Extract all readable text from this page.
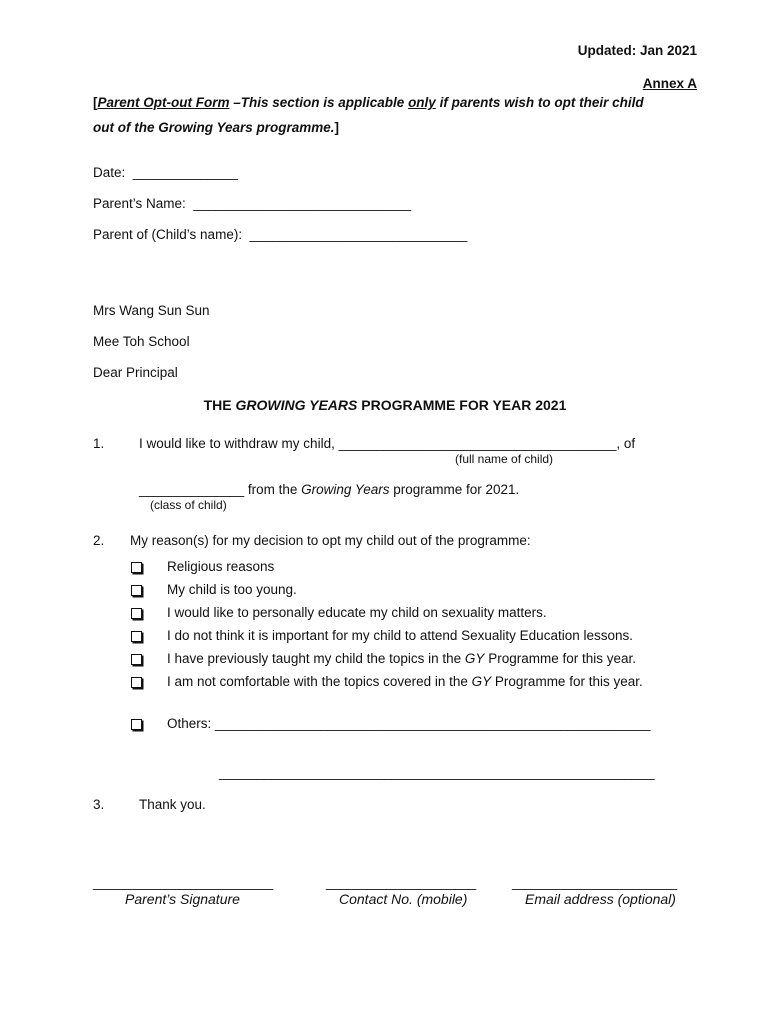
Updated: Jan 2021
Annex A
[Parent Opt-out Form –This section is applicable only if parents wish to opt their child
out of the Growing Years programme.]
Date: ______________
Parent’s Name: _____________________________
Parent of (Child’s name): _____________________________
Mrs Wang Sun Sun
Mee Toh School
Dear Principal
THE GROWING YEARS PROGRAMME FOR YEAR 2021
1.	I would like to withdraw my child, _____________________________________, of
(full name of child)
______________ from the Growing Years programme for 2021.
(class of child)
2. My reason(s) for my decision to opt my child out of the programme:
Religious reasons
My child is too young.
I would like to personally educate my child on sexuality matters.
I do not think it is important for my child to attend Sexuality Education lessons.
I have previously taught my child the topics in the GY Programme for this year.
I am not comfortable with the topics covered in the GY Programme for this year.
Others: __________________________________________________________
__________________________________________________________
3.	Thank you.
________________________	____________________	______________________
Parent’s Signature	Contact No. (mobile)	Email address (optional)
